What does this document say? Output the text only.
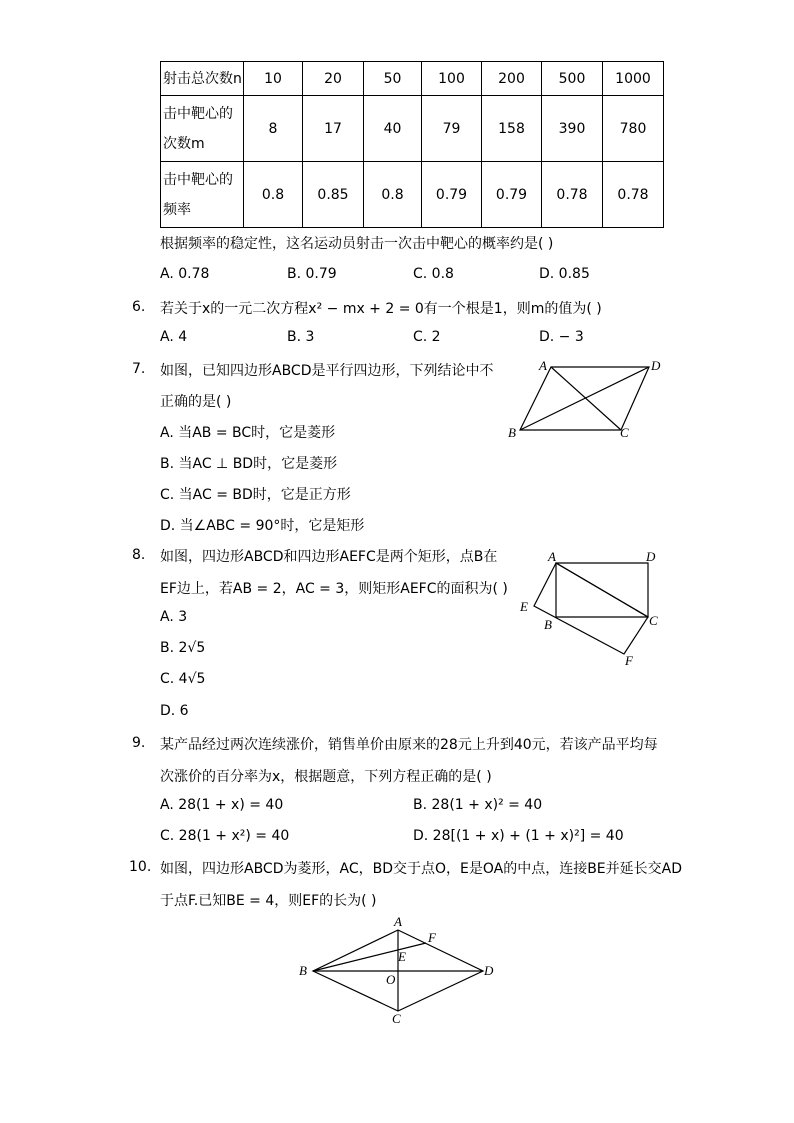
射击总次数n	10	20	50	100	200	500	1000
击中靶心的
次数m	8	17	40	79	158	390	780
击中靶心的
频率	0.8	0.85	0.8	0.79	0.79	0.78	0.78
根据频率的稳定性，这名运动员射击一次击中靶心的概率约是( )
A. 0.78	B. 0.79	C. 0.8	D. 0.85
6. 若关于x的一元二次方程x² − mx + 2 = 0有一个根是1，则m的值为( )
A. 4	B. 3	C. 2	D. − 3
7. 如图，已知四边形ABCD是平行四边形，下列结论中不
正确的是( )
A. 当AB = BC时，它是菱形
B. 当AC ⊥ BD时，它是菱形
C. 当AC = BD时，它是正方形
D. 当∠ABC = 90°时，它是矩形
A	D
B	C
8. 如图，四边形ABCD和四边形AEFC是两个矩形，点B在
EF边上，若AB = 2，AC = 3，则矩形AEFC的面积为( )
A. 3
B. 2√5
C. 4√5
D. 6
A	D
E
B	C
F
9. 某产品经过两次连续涨价，销售单价由原来的28元上升到40元，若该产品平均每
次涨价的百分率为x，根据题意，下列方程正确的是( )
A. 28(1 + x) = 40	B. 28(1 + x)² = 40
C. 28(1 + x²) = 40	D. 28[(1 + x) + (1 + x)²] = 40
10. 如图，四边形ABCD为菱形，AC，BD交于点O，E是OA的中点，连接BE并延长交AD
于点F.已知BE = 4，则EF的长为( )
A
F
E
B	D
O
C
